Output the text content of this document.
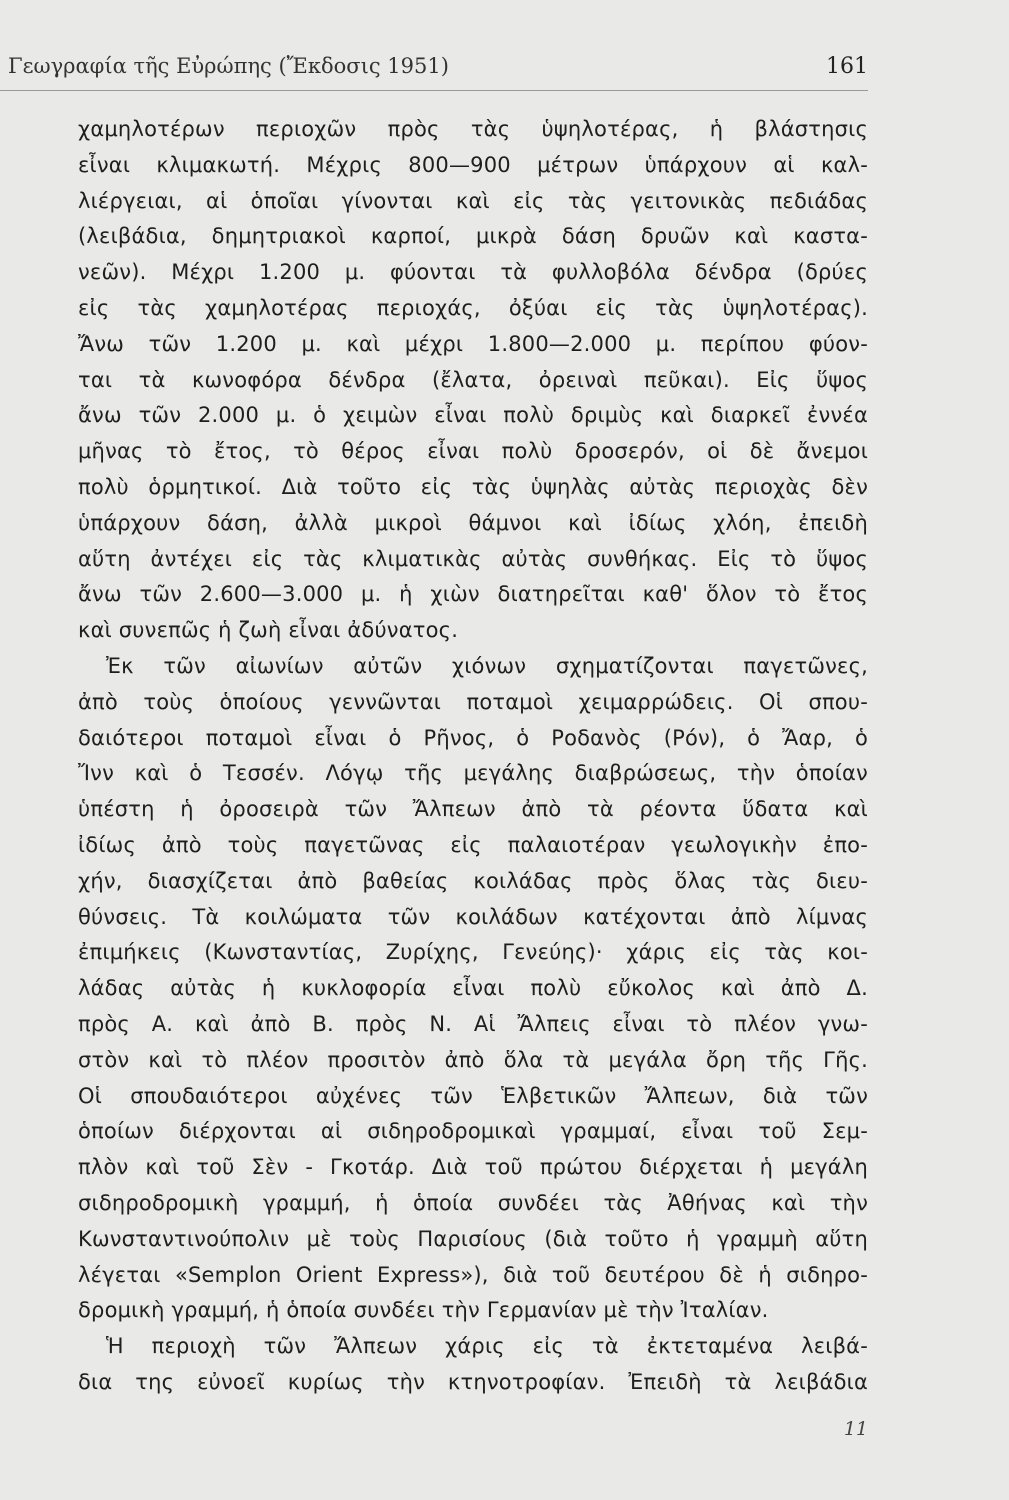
Γεωγραφία τῆς Εὐρώπης (Ἔκδοσις 1951)	161
χαμηλοτέρων περιοχῶν πρὸς τὰς ὑψηλοτέρας, ἡ βλάστησις
εἶναι κλιμακωτή. Μέχρις 800—900 μέτρων ὑπάρχουν αἱ καλ-
λιέργειαι, αἱ ὁποῖαι γίνονται καὶ εἰς τὰς γειτονικὰς πεδιάδας
(λειβάδια, δημητριακοὶ καρποί, μικρὰ δάση δρυῶν καὶ καστα-
νεῶν). Μέχρι 1.200 μ. φύονται τὰ φυλλοβόλα δένδρα (δρύες
εἰς τὰς χαμηλοτέρας περιοχάς, ὀξύαι εἰς τὰς ὑψηλοτέρας).
Ἄνω τῶν 1.200 μ. καὶ μέχρι 1.800—2.000 μ. περίπου φύον-
ται τὰ κωνοφόρα δένδρα (ἔλατα, ὀρειναὶ πεῦκαι). Εἰς ὕψος
ἄνω τῶν 2.000 μ. ὁ χειμὼν εἶναι πολὺ δριμὺς καὶ διαρκεῖ ἐννέα
μῆνας τὸ ἔτος, τὸ θέρος εἶναι πολὺ δροσερόν, οἱ δὲ ἄνεμοι
πολὺ ὁρμητικοί. Διὰ τοῦτο εἰς τὰς ὑψηλὰς αὐτὰς περιοχὰς δὲν
ὑπάρχουν δάση, ἀλλὰ μικροὶ θάμνοι καὶ ἰδίως χλόη, ἐπειδὴ
αὕτη ἀντέχει εἰς τὰς κλιματικὰς αὐτὰς συνθήκας. Εἰς τὸ ὕψος
ἄνω τῶν 2.600—3.000 μ. ἡ χιὼν διατηρεῖται καθ' ὅλον τὸ ἔτος
καὶ συνεπῶς ἡ ζωὴ εἶναι ἀδύνατος.
Ἐκ τῶν αἰωνίων αὐτῶν χιόνων σχηματίζονται παγετῶνες,
ἀπὸ τοὺς ὁποίους γεννῶνται ποταμοὶ χειμαρρώδεις. Οἱ σπου-
δαιότεροι ποταμοὶ εἶναι ὁ Ρῆνος, ὁ Ροδανὸς (Ρόν), ὁ Ἄαρ, ὁ
Ἴνν καὶ ὁ Τεσσέν. Λόγῳ τῆς μεγάλης διαβρώσεως, τὴν ὁποίαν
ὑπέστη ἡ ὀροσειρὰ τῶν Ἄλπεων ἀπὸ τὰ ρέοντα ὕδατα καὶ
ἰδίως ἀπὸ τοὺς παγετῶνας εἰς παλαιοτέραν γεωλογικὴν ἐπο-
χήν, διασχίζεται ἀπὸ βαθείας κοιλάδας πρὸς ὅλας τὰς διευ-
θύνσεις. Τὰ κοιλώματα τῶν κοιλάδων κατέχονται ἀπὸ λίμνας
ἐπιμήκεις (Κωνσταντίας, Ζυρίχης, Γενεύης)· χάρις εἰς τὰς κοι-
λάδας αὐτὰς ἡ κυκλοφορία εἶναι πολὺ εὔκολος καὶ ἀπὸ Δ.
πρὸς Α. καὶ ἀπὸ Β. πρὸς Ν. Αἱ Ἄλπεις εἶναι τὸ πλέον γνω-
στὸν καὶ τὸ πλέον προσιτὸν ἀπὸ ὅλα τὰ μεγάλα ὄρη τῆς Γῆς.
Οἱ σπουδαιότεροι αὐχένες τῶν Ἑλβετικῶν Ἄλπεων, διὰ τῶν
ὁποίων διέρχονται αἱ σιδηροδρομικαὶ γραμμαί, εἶναι τοῦ Σεμ-
πλὸν καὶ τοῦ Σὲν - Γκοτάρ. Διὰ τοῦ πρώτου διέρχεται ἡ μεγάλη
σιδηροδρομικὴ γραμμή, ἡ ὁποία συνδέει τὰς Ἀθήνας καὶ τὴν
Κωνσταντινούπολιν μὲ τοὺς Παρισίους (διὰ τοῦτο ἡ γραμμὴ αὕτη
λέγεται «Semplon Orient Express»), διὰ τοῦ δευτέρου δὲ ἡ σιδηρο-
δρομικὴ γραμμή, ἡ ὁποία συνδέει τὴν Γερμανίαν μὲ τὴν Ἰταλίαν.
Ἡ περιοχὴ τῶν Ἄλπεων χάρις εἰς τὰ ἐκτεταμένα λειβά-
δια της εὐνοεῖ κυρίως τὴν κτηνοτροφίαν. Ἐπειδὴ τὰ λειβάδια
11
